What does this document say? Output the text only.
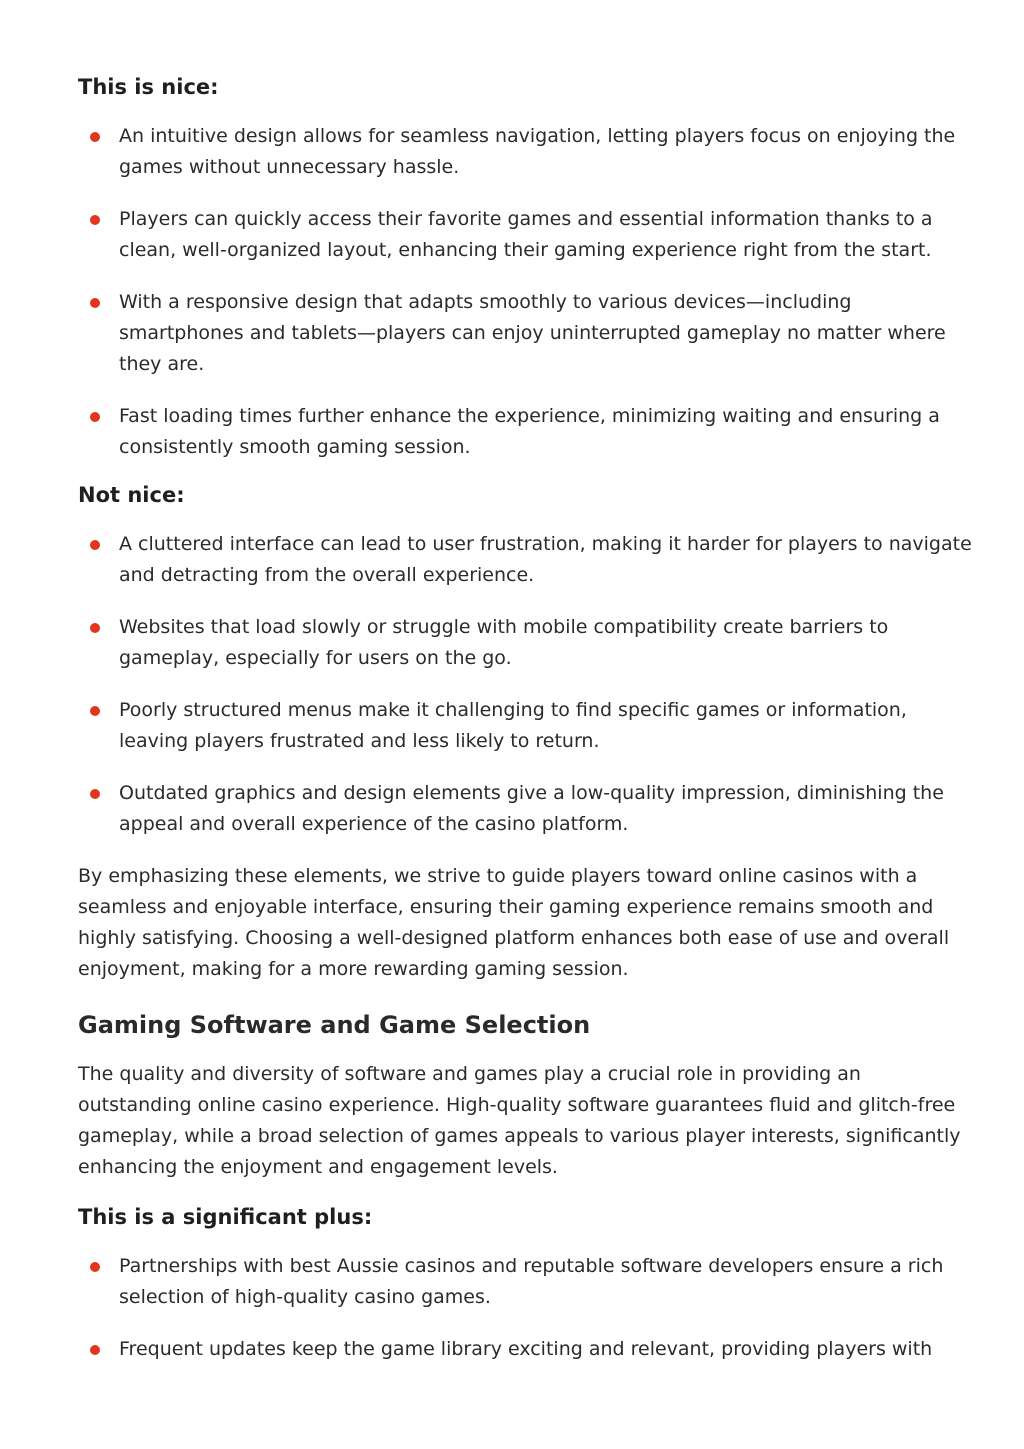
This is nice:
An intuitive design allows for seamless navigation, letting players focus on enjoying the games without unnecessary hassle.
Players can quickly access their favorite games and essential information thanks to a clean, well-organized layout, enhancing their gaming experience right from the start.
With a responsive design that adapts smoothly to various devices—including smartphones and tablets—players can enjoy uninterrupted gameplay no matter where they are.
Fast loading times further enhance the experience, minimizing waiting and ensuring a consistently smooth gaming session.
Not nice:
A cluttered interface can lead to user frustration, making it harder for players to navigate and detracting from the overall experience.
Websites that load slowly or struggle with mobile compatibility create barriers to gameplay, especially for users on the go.
Poorly structured menus make it challenging to find specific games or information, leaving players frustrated and less likely to return.
Outdated graphics and design elements give a low-quality impression, diminishing the appeal and overall experience of the casino platform.

By emphasizing these elements, we strive to guide players toward online casinos with a seamless and enjoyable interface, ensuring their gaming experience remains smooth and highly satisfying. Choosing a well-designed platform enhances both ease of use and overall enjoyment, making for a more rewarding gaming session.

Gaming Software and Game Selection

The quality and diversity of software and games play a crucial role in providing an outstanding online casino experience. High-quality software guarantees fluid and glitch-free gameplay, while a broad selection of games appeals to various player interests, significantly enhancing the enjoyment and engagement levels.

This is a significant plus:
Partnerships with best Aussie casinos and reputable software developers ensure a rich selection of high-quality casino games.
Frequent updates keep the game library exciting and relevant, providing players with
